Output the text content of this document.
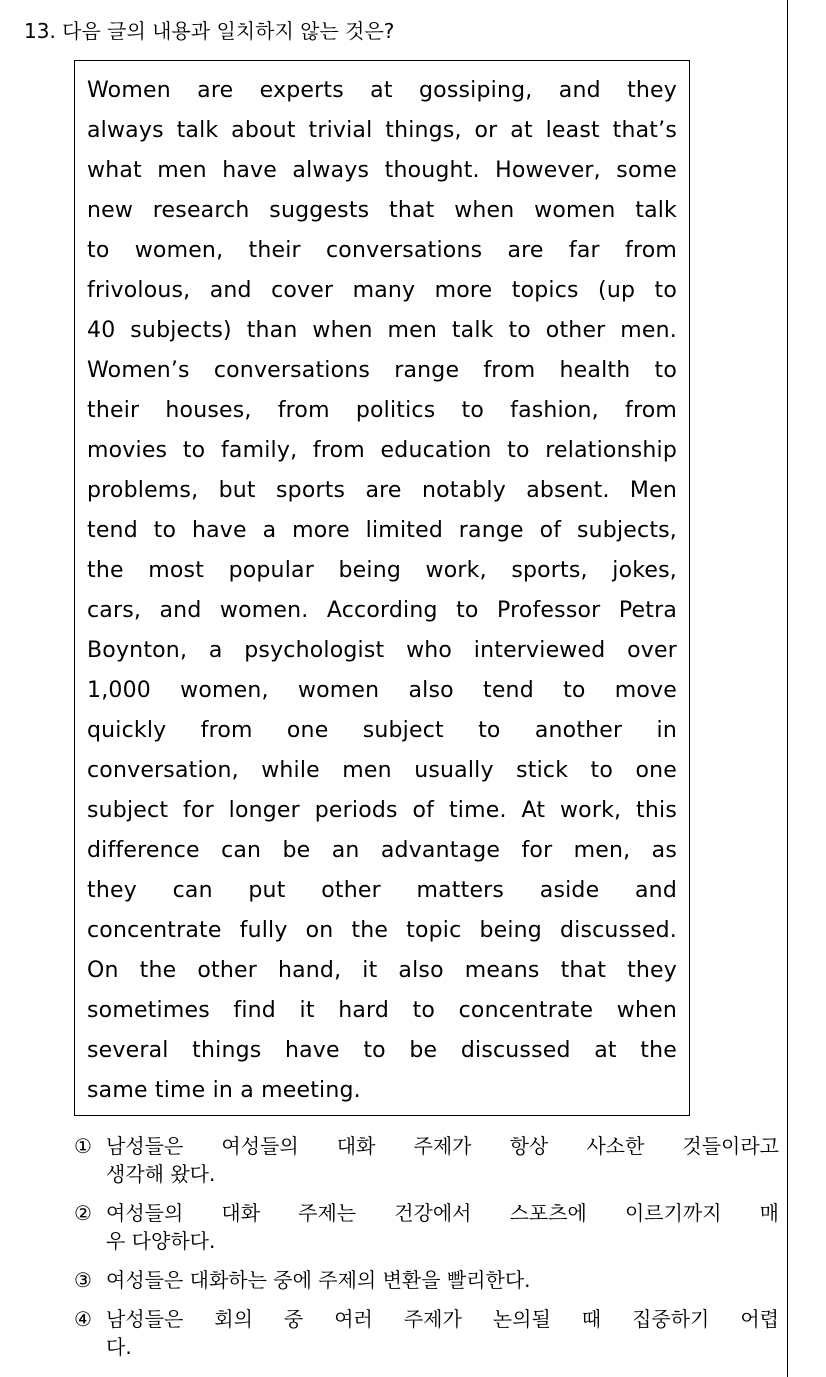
13. 다음 글의 내용과 일치하지 않는 것은?
Women are experts at gossiping, and they
always talk about trivial things, or at least that’s
what men have always thought. However, some
new research suggests that when women talk
to women, their conversations are far from
frivolous, and cover many more topics (up to
40 subjects) than when men talk to other men.
Women’s conversations range from health to
their houses, from politics to fashion, from
movies to family, from education to relationship
problems, but sports are notably absent. Men
tend to have a more limited range of subjects,
the most popular being work, sports, jokes,
cars, and women. According to Professor Petra
Boynton, a psychologist who interviewed over
1,000 women, women also tend to move
quickly from one subject to another in
conversation, while men usually stick to one
subject for longer periods of time. At work, this
difference can be an advantage for men, as
they can put other matters aside and
concentrate fully on the topic being discussed.
On the other hand, it also means that they
sometimes find it hard to concentrate when
several things have to be discussed at the
same time in a meeting.
① 남성들은 여성들의 대화 주제가 항상 사소한 것들이라고
생각해 왔다.
② 여성들의 대화 주제는 건강에서 스포츠에 이르기까지 매
우 다양하다.
③ 여성들은 대화하는 중에 주제의 변환을 빨리한다.
④ 남성들은 회의 중 여러 주제가 논의될 때 집중하기 어렵
다.
